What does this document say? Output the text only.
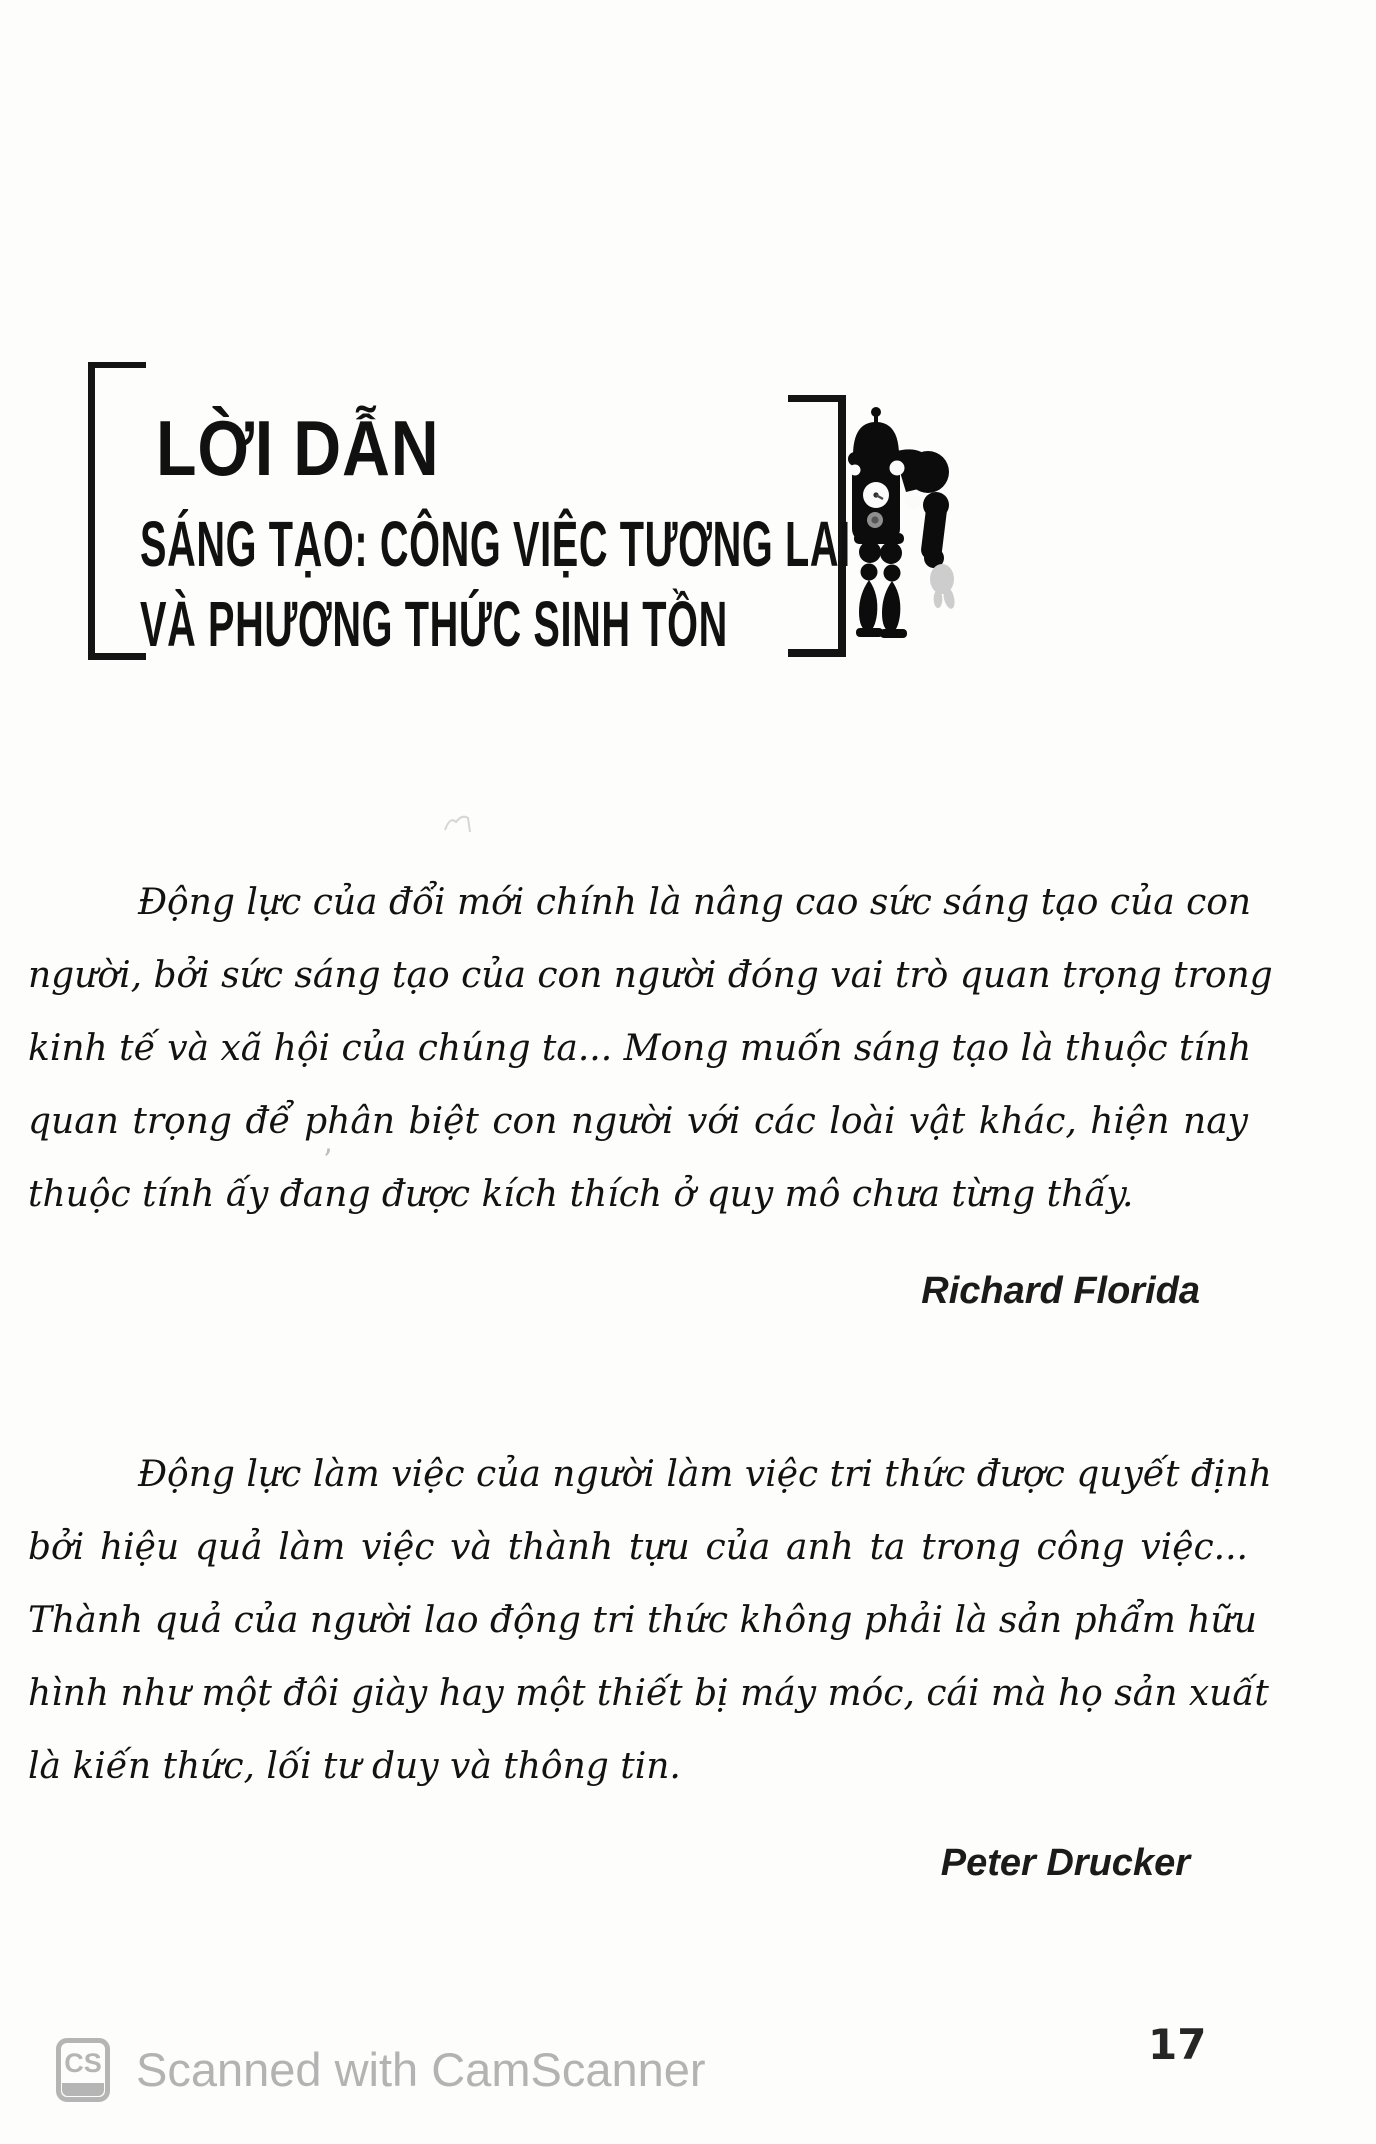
LỜI DẪN
SÁNG TẠO: CÔNG VIỆC TƯƠNG LAI
VÀ PHƯƠNG THỨC SINH TỒN
ʼ
Động lực của đổi mới chính là nâng cao sức sáng tạo của con
người, bởi sức sáng tạo của con người đóng vai trò quan trọng trong
kinh tế và xã hội của chúng ta... Mong muốn sáng tạo là thuộc tính
quan trọng để phân biệt con người với các loài vật khác, hiện nay
thuộc tính ấy đang được kích thích ở quy mô chưa từng thấy.
Richard Florida
Động lực làm việc của người làm việc tri thức được quyết định
bởi hiệu quả làm việc và thành tựu của anh ta trong công việc...
Thành quả của người lao động tri thức không phải là sản phẩm hữu
hình như một đôi giày hay một thiết bị máy móc, cái mà họ sản xuất
là kiến thức, lối tư duy và thông tin.
Peter Drucker
17
CS Scanned with CamScanner
